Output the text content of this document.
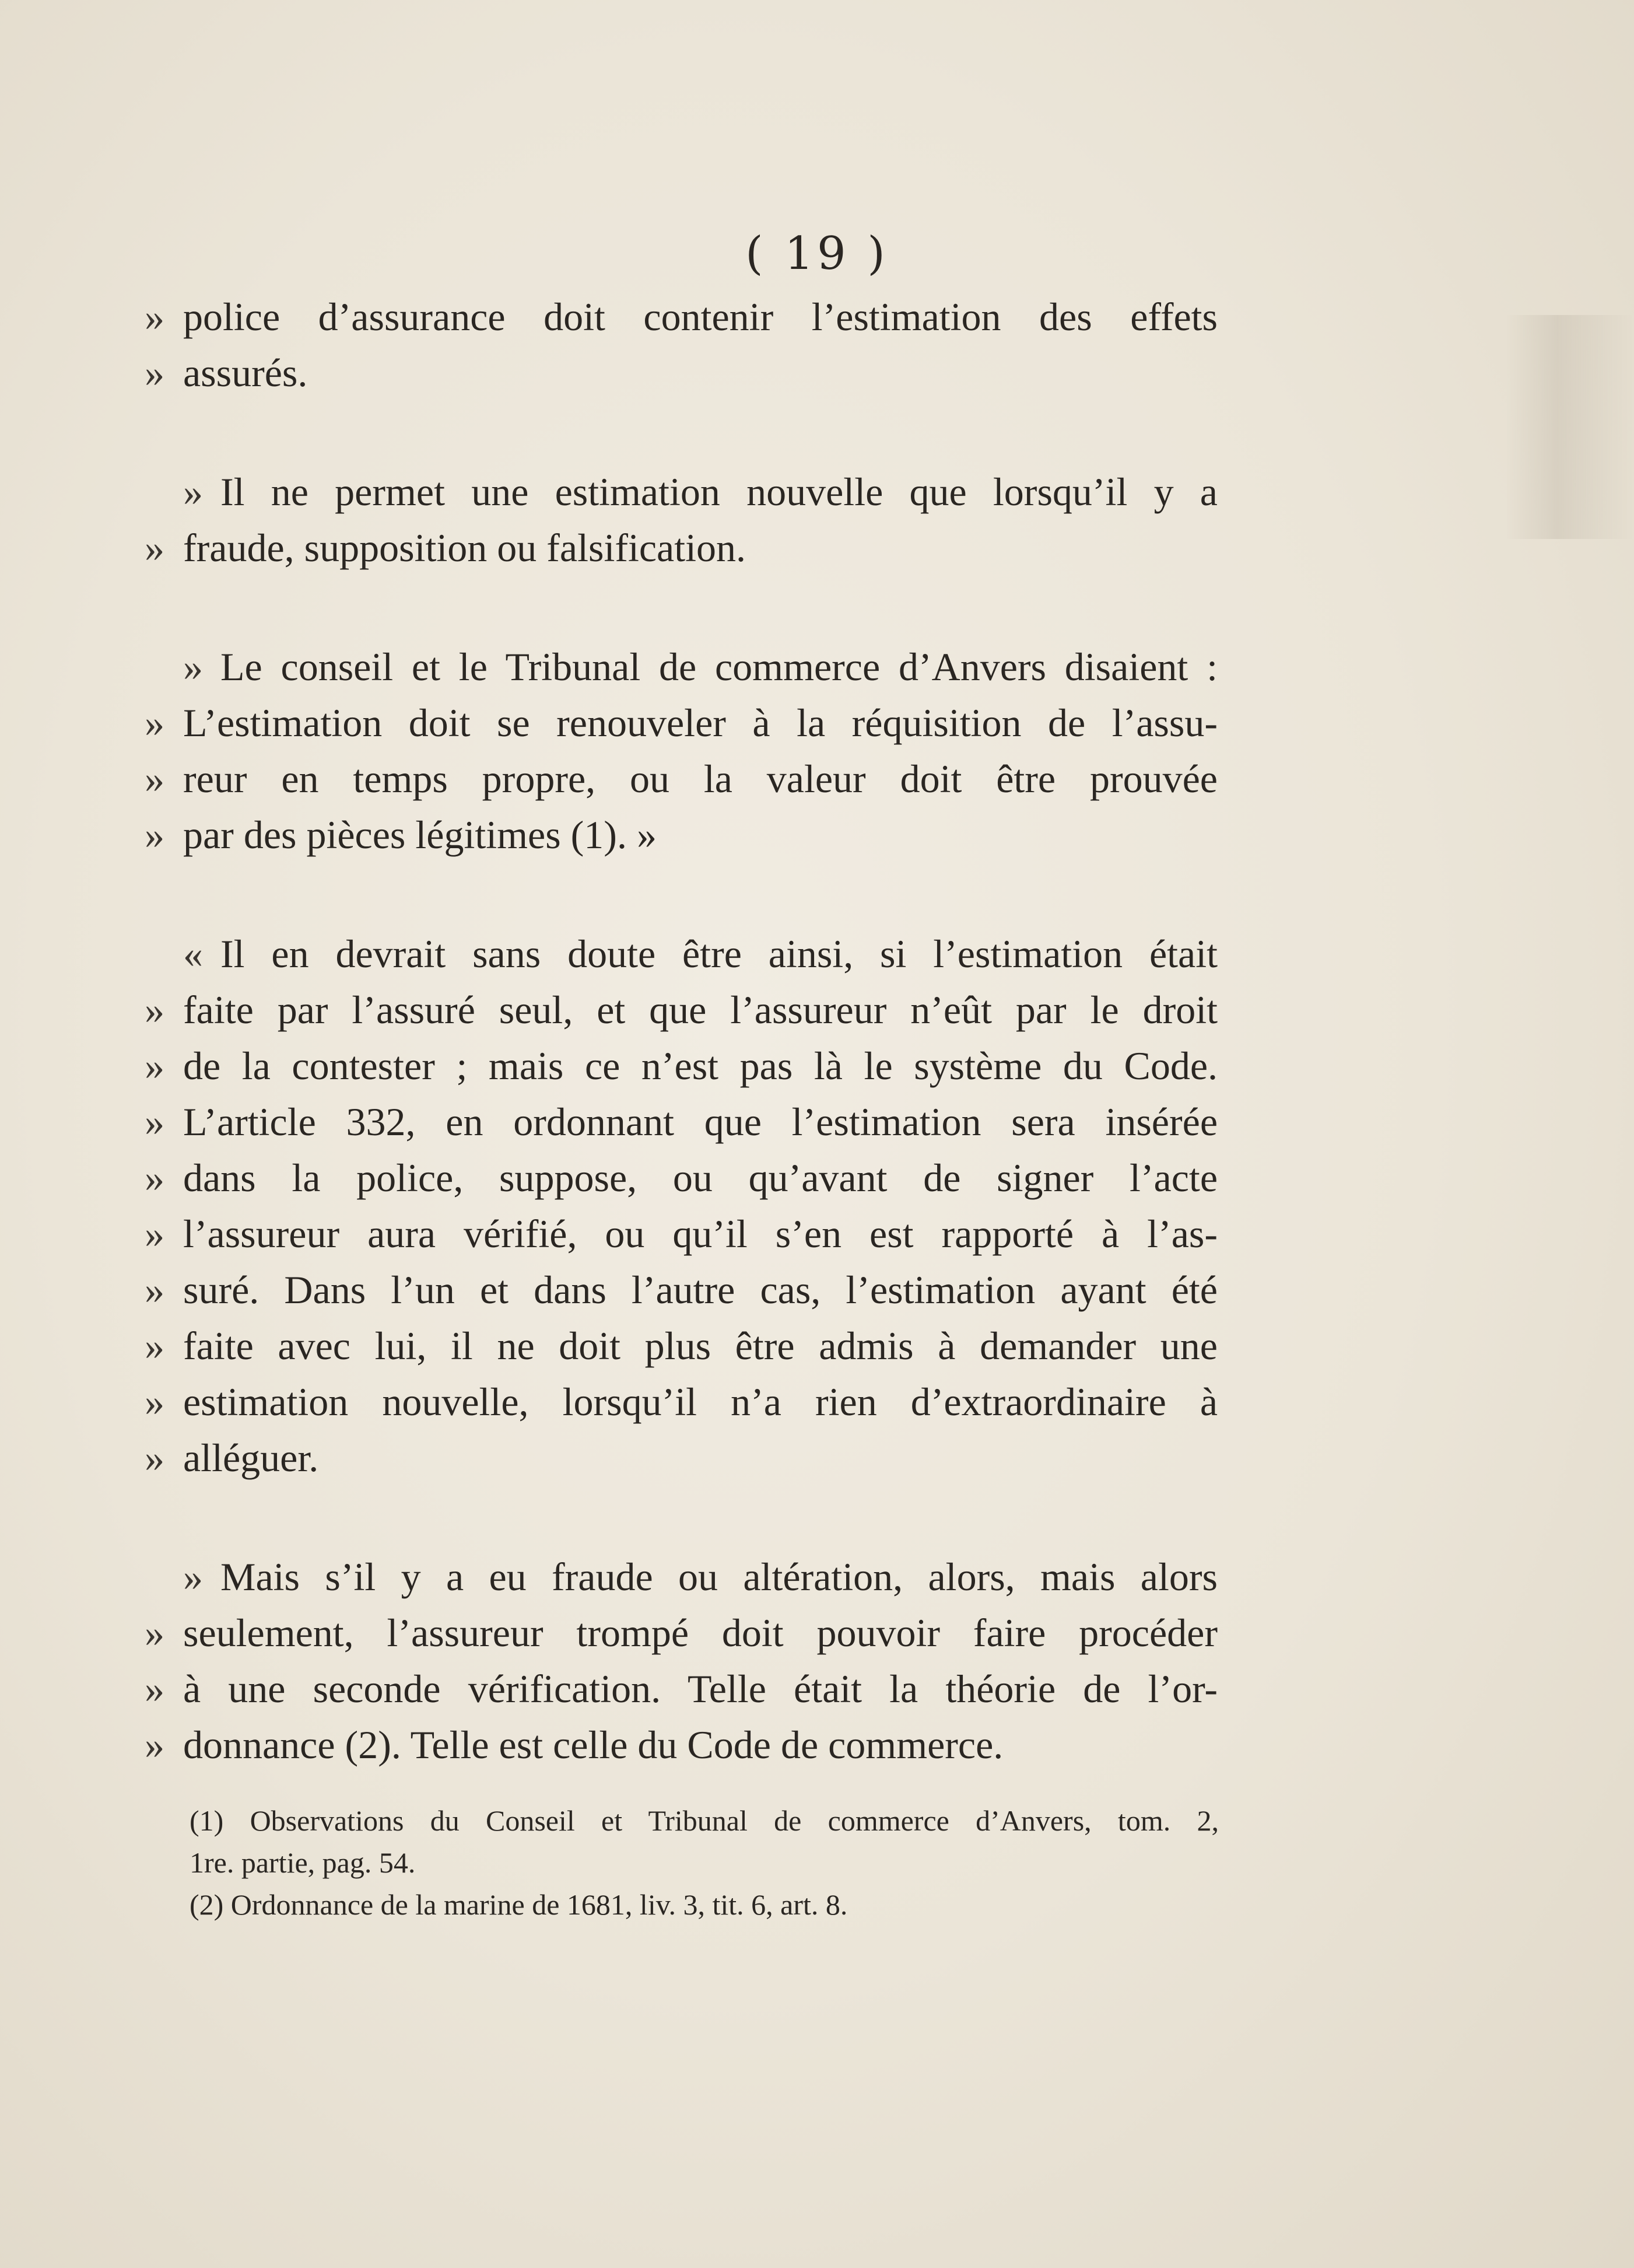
( 19 )
» police d’assurance doit contenir l’estimation des effets
» assurés.
» Il ne permet une estimation nouvelle que lorsqu’il y a
» fraude, supposition ou falsification.
» Le conseil et le Tribunal de commerce d’Anvers disaient :
» L’estimation doit se renouveler à la réquisition de l’assu-
» reur en temps propre, ou la valeur doit être prouvée
» par des pièces légitimes (1). »
« Il en devrait sans doute être ainsi, si l’estimation était
» faite par l’assuré seul, et que l’assureur n’eût par le droit
» de la contester ; mais ce n’est pas là le système du Code.
» L’article 332, en ordonnant que l’estimation sera insérée
» dans la police, suppose, ou qu’avant de signer l’acte
» l’assureur aura vérifié, ou qu’il s’en est rapporté à l’as-
» suré. Dans l’un et dans l’autre cas, l’estimation ayant été
» faite avec lui, il ne doit plus être admis à demander une
» estimation nouvelle, lorsqu’il n’a rien d’extraordinaire à
» alléguer.
» Mais s’il y a eu fraude ou altération, alors, mais alors
» seulement, l’assureur trompé doit pouvoir faire procéder
» à une seconde vérification. Telle était la théorie de l’or-
» donnance (2). Telle est celle du Code de commerce.
(1) Observations du Conseil et Tribunal de commerce d’Anvers, tom. 2,
1re. partie, pag. 54.
(2) Ordonnance de la marine de 1681, liv. 3, tit. 6, art. 8.
